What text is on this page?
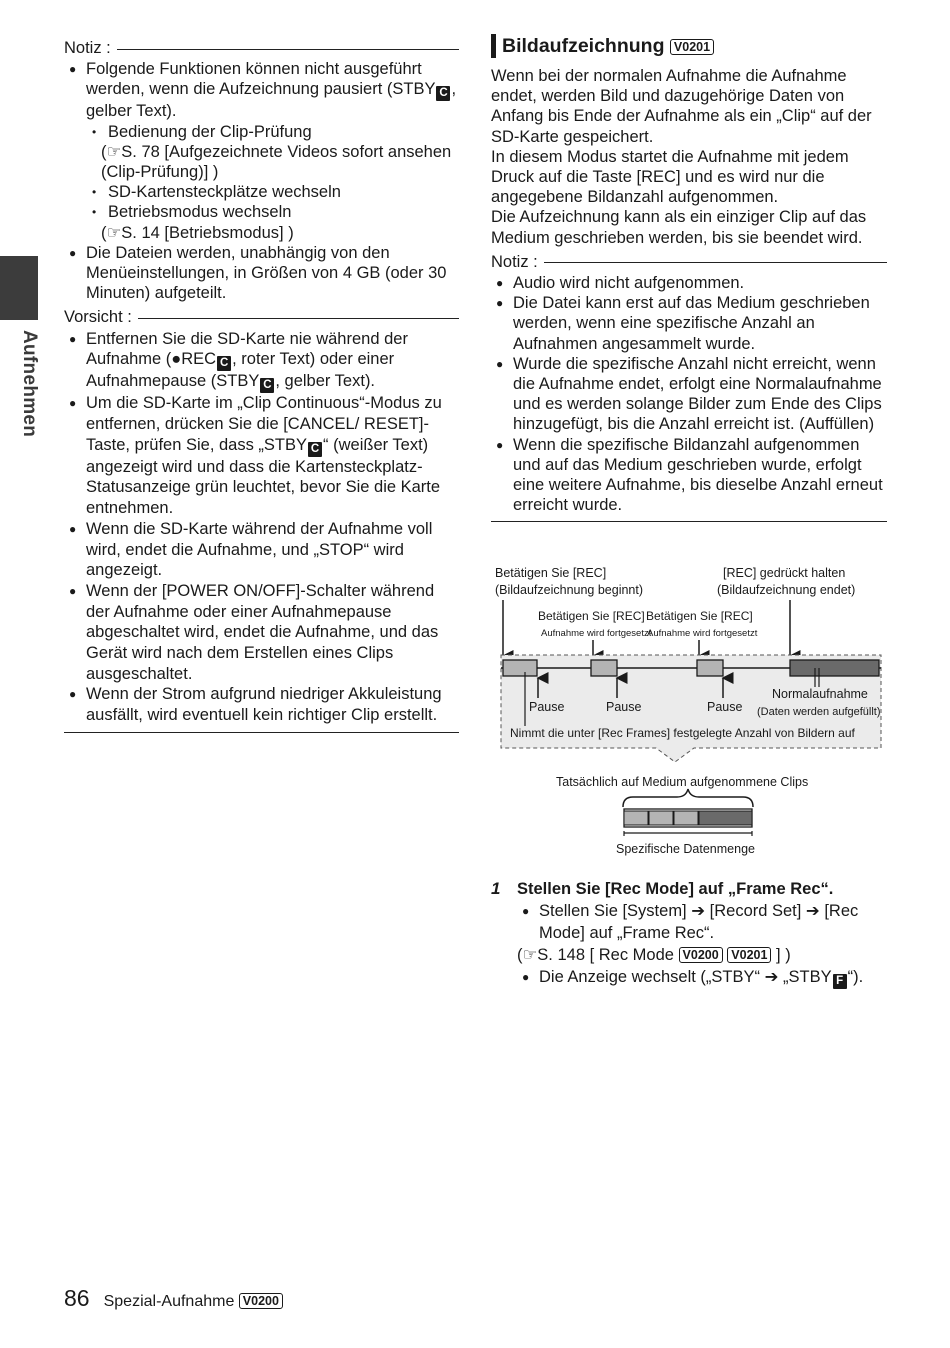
Aufnehmen
Notiz :
● Folgende Funktionen können nicht ausgeführt werden, wenn die Aufzeichnung pausiert (STBY C , gelber Text).
• Bedienung der Clip-Prüfung
(☞S. 78 [Aufgezeichnete Videos sofort ansehen (Clip-Prüfung)] )
• SD-Kartensteckplätze wechseln
• Betriebsmodus wechseln
(☞S. 14 [Betriebsmodus] )
● Die Dateien werden, unabhängig von den Menüeinstellungen, in Größen von 4 GB (oder 30 Minuten) aufgeteilt.
Vorsicht :
● Entfernen Sie die SD-Karte nie während der Aufnahme (●REC C , roter Text) oder einer Aufnahmepause (STBY C , gelber Text).
● Um die SD-Karte im „Clip Continuous“-Modus zu entfernen, drücken Sie die [CANCEL/ RESET]-Taste, prüfen Sie, dass „STBY C “ (weißer Text) angezeigt wird und dass die Kartensteckplatz-Statusanzeige grün leuchtet, bevor Sie die Karte entnehmen.
● Wenn die SD-Karte während der Aufnahme voll wird, endet die Aufnahme, und „STOP“ wird angezeigt.
● Wenn der [POWER ON/OFF]-Schalter während der Aufnahme oder einer Aufnahmepause abgeschaltet wird, endet die Aufnahme, und das Gerät wird nach dem Erstellen eines Clips ausgeschaltet.
● Wenn der Strom aufgrund niedriger Akkuleistung ausfällt, wird eventuell kein richtiger Clip erstellt.
Bildaufzeichnung V0201
Wenn bei der normalen Aufnahme die Aufnahme endet, werden Bild und dazugehörige Daten von Anfang bis Ende der Aufnahme als ein „Clip“ auf der SD-Karte gespeichert.
In diesem Modus startet die Aufnahme mit jedem Druck auf die Taste [REC] und es wird nur die angegebene Bildanzahl aufgenommen.
Die Aufzeichnung kann als ein einziger Clip auf das Medium geschrieben werden, bis sie beendet wird.
Notiz :
● Audio wird nicht aufgenommen.
● Die Datei kann erst auf das Medium geschrieben werden, wenn eine spezifische Anzahl an Aufnahmen angesammelt wurde.
● Wurde die spezifische Anzahl nicht erreicht, wenn die Aufnahme endet, erfolgt eine Normalaufnahme und es werden solange Bilder zum Ende des Clips hinzugefügt, bis die Anzahl erreicht ist. (Auffüllen)
● Wenn die spezifische Bildanzahl aufgenommen und auf das Medium geschrieben wurde, erfolgt eine weitere Aufnahme, bis dieselbe Anzahl erneut erreicht wurde.
Betätigen Sie [REC]
(Bildaufzeichnung beginnt)
[REC] gedrückt halten
(Bildaufzeichnung endet)
Betätigen Sie [REC] Betätigen Sie [REC]
Aufnahme wird fortgesetzt
Aufnahme wird fortgesetzt
Pause	Pause	Pause
Normalaufnahme
(Daten werden aufgefüllt)
Nimmt die unter [Rec Frames] festgelegte Anzahl von Bildern auf
Tatsächlich auf Medium aufgenommene Clips
Spezifische Datenmenge
1 Stellen Sie [Rec Mode] auf „Frame Rec“.
● Stellen Sie [System] ➔ [Record Set] ➔ [Rec Mode] auf „Frame Rec“.
(☞S. 148 [ Rec Mode V0200 V0201 ] )
● Die Anzeige wechselt („STBY“ ➔ „STBY F “).
86 Spezial-Aufnahme V0200
